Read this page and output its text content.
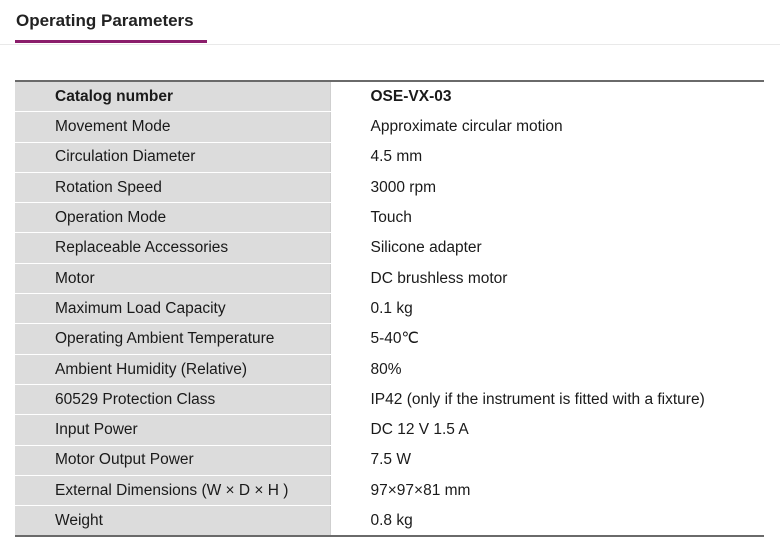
Operating Parameters
Catalog number	OSE-VX-03
Movement Mode	Approximate circular motion
Circulation Diameter	4.5 mm
Rotation Speed	3000 rpm
Operation Mode	Touch
Replaceable Accessories	Silicone adapter
Motor	DC brushless motor
Maximum Load Capacity	0.1 kg
Operating Ambient Temperature	5-40℃
Ambient Humidity (Relative)	80%
60529 Protection Class	IP42 (only if the instrument is fitted with a fixture)
Input Power	DC 12 V 1.5 A
Motor Output Power	7.5 W
External Dimensions (W × D × H )	97×97×81 mm
Weight	0.8 kg
